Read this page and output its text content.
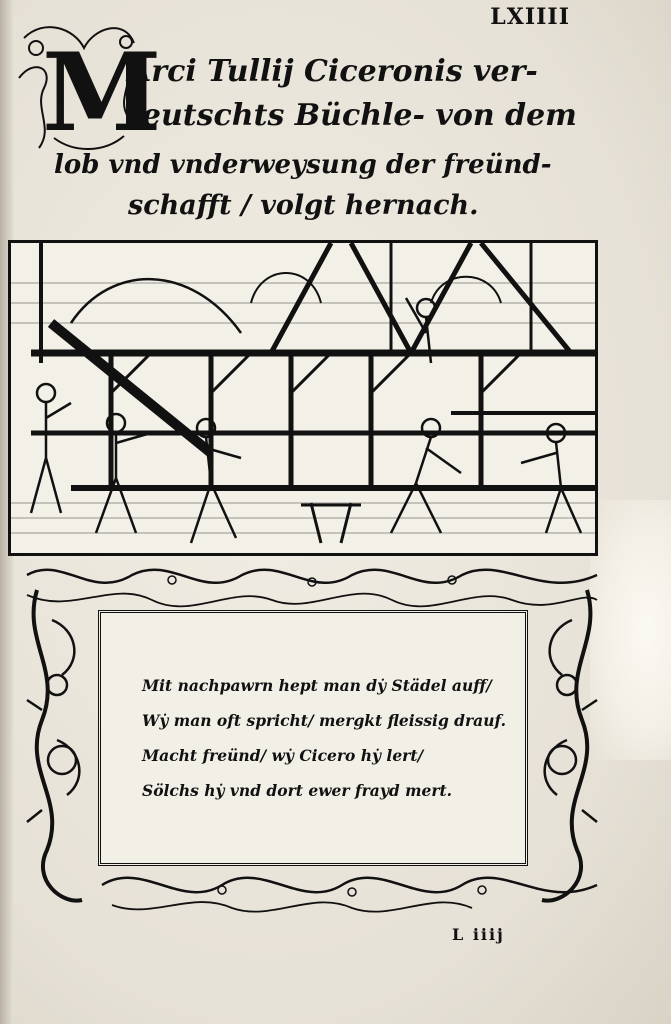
LXIIII
M
Arci Tullij Ciceronis ver-
teutschts Büchle- von dem
lob vnd vnderweysung der freünd-
schafft / volgt hernach.
Mit nachpawrn hept man dẏ Städel auff/
Wẏ man oft spricht/ mergkt fleissig drauf.
Macht freünd/ wẏ Cicero hẏ lert/
Sölchs hẏ vnd dort ewer frayd mert.
L iiij
